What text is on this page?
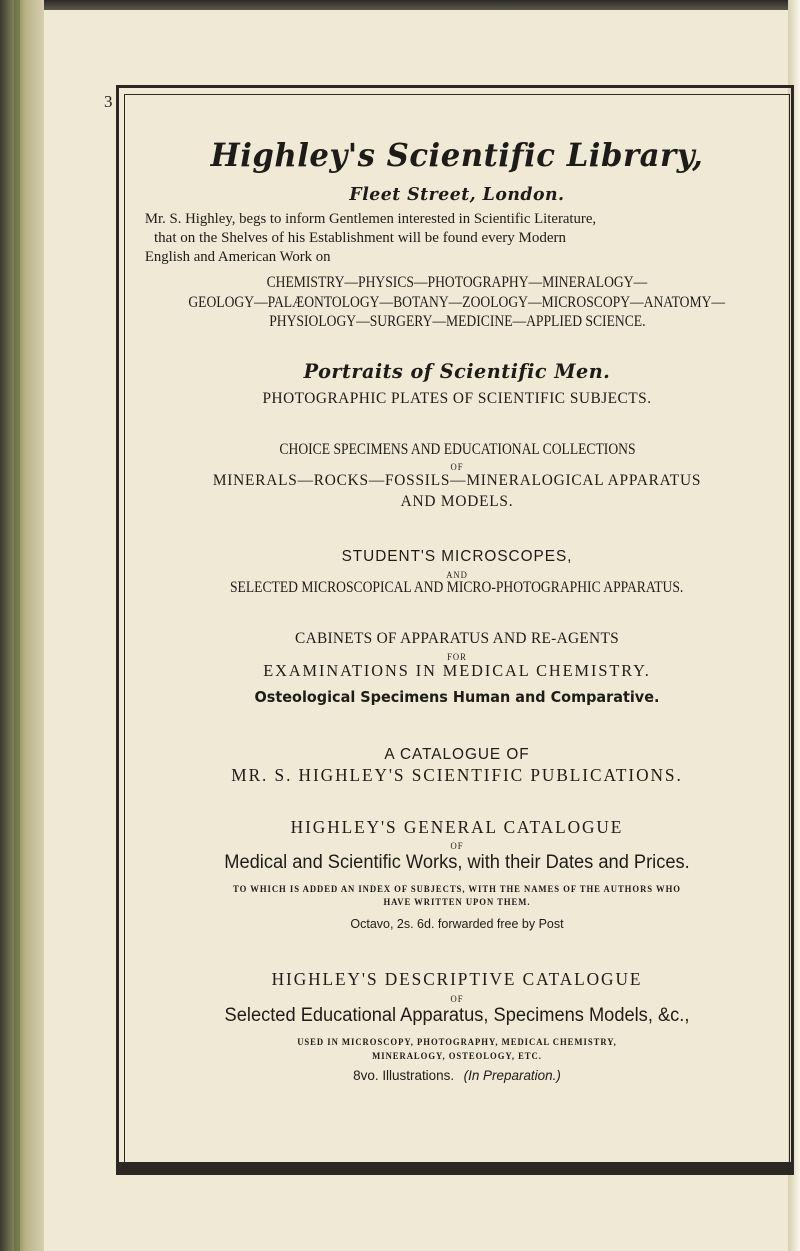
3
Highley's Scientific Library,
Fleet Street, London.
Mr. S. Highley, begs to inform Gentlemen interested in Scientific Literature,
that on the Shelves of his Establishment will be found every Modern
English and American Work on
CHEMISTRY—PHYSICS—PHOTOGRAPHY—MINERALOGY—
GEOLOGY—PALÆONTOLOGY—BOTANY—ZOOLOGY—MICROSCOPY—ANATOMY—
PHYSIOLOGY—SURGERY—MEDICINE—APPLIED SCIENCE.
Portraits of Scientific Men.
PHOTOGRAPHIC PLATES OF SCIENTIFIC SUBJECTS.
CHOICE SPECIMENS AND EDUCATIONAL COLLECTIONS
OF
MINERALS—ROCKS—FOSSILS—MINERALOGICAL APPARATUS
AND MODELS.
STUDENT'S MICROSCOPES,
AND
SELECTED MICROSCOPICAL AND MICRO-PHOTOGRAPHIC APPARATUS.
CABINETS OF APPARATUS AND RE-AGENTS
FOR
EXAMINATIONS IN MEDICAL CHEMISTRY.
Osteological Specimens Human and Comparative.
A CATALOGUE OF
MR. S. HIGHLEY'S SCIENTIFIC PUBLICATIONS.
HIGHLEY'S GENERAL CATALOGUE
OF
Medical and Scientific Works, with their Dates and Prices.
TO WHICH IS ADDED AN INDEX OF SUBJECTS, WITH THE NAMES OF THE AUTHORS WHO
HAVE WRITTEN UPON THEM.
Octavo, 2s. 6d. forwarded free by Post
HIGHLEY'S DESCRIPTIVE CATALOGUE
OF
Selected Educational Apparatus, Specimens Models, &c.,
USED IN MICROSCOPY, PHOTOGRAPHY, MEDICAL CHEMISTRY,
MINERALOGY, OSTEOLOGY, ETC.
8vo. Illustrations. (In Preparation.)
